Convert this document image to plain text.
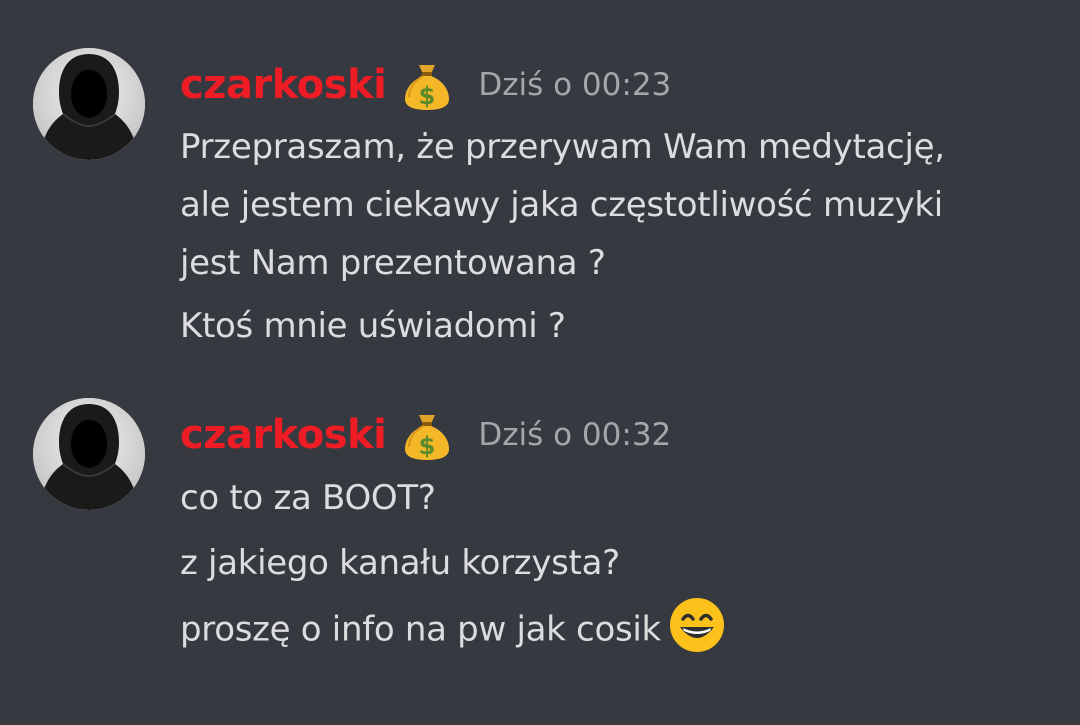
czarkoski $ Dziś o 00:23
Przepraszam, że przerywam Wam medytację,
ale jestem ciekawy jaka częstotliwość muzyki
jest Nam prezentowana ?
Ktoś mnie uświadomi ?
czarkoski $ Dziś o 00:32
co to za BOOT?
z jakiego kanału korzysta?
proszę o info na pw jak cosik
